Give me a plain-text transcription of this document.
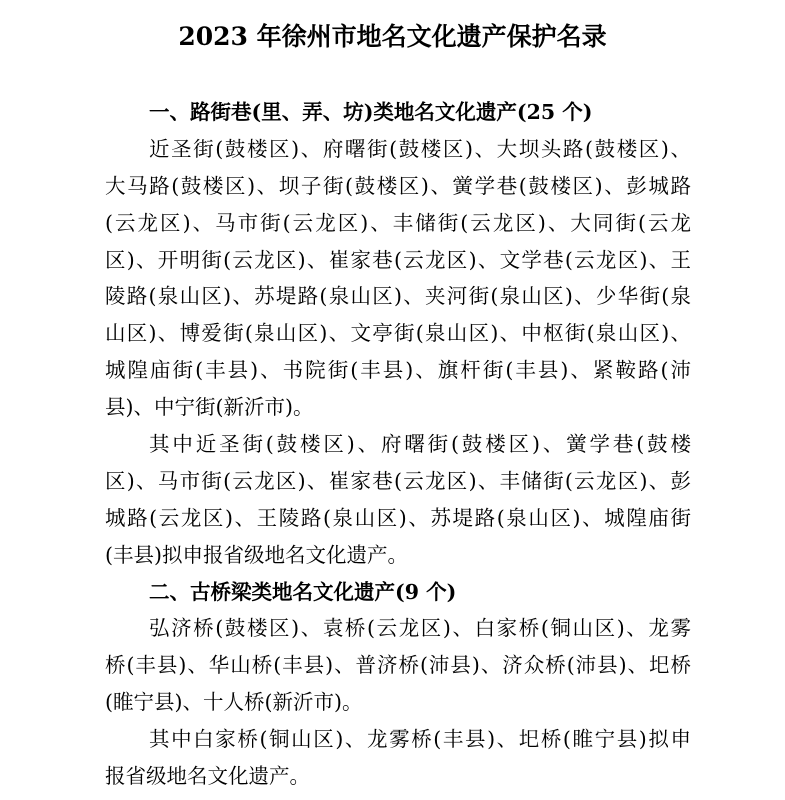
2023 年徐州市地名文化遗产保护名录
一、路街巷(里、弄、坊)类地名文化遗产(25 个)
近圣街(鼓楼区)、府曙街(鼓楼区)、大坝头路(鼓楼区)、
大马路(鼓楼区)、坝子街(鼓楼区)、黉学巷(鼓楼区)、彭城路
(云龙区)、马市街(云龙区)、丰储街(云龙区)、大同街(云龙
区)、开明街(云龙区)、崔家巷(云龙区)、文学巷(云龙区)、王
陵路(泉山区)、苏堤路(泉山区)、夹河街(泉山区)、少华街(泉
山区)、博爱街(泉山区)、文亭街(泉山区)、中枢街(泉山区)、
城隍庙街(丰县)、书院街(丰县)、旗杆街(丰县)、紧鞍路(沛
县)、中宁街(新沂市)。
其中近圣街(鼓楼区)、府曙街(鼓楼区)、黉学巷(鼓楼
区)、马市街(云龙区)、崔家巷(云龙区)、丰储街(云龙区)、彭
城路(云龙区)、王陵路(泉山区)、苏堤路(泉山区)、城隍庙街
(丰县)拟申报省级地名文化遗产。
二、古桥梁类地名文化遗产(9 个)
弘济桥(鼓楼区)、袁桥(云龙区)、白家桥(铜山区)、龙雾
桥(丰县)、华山桥(丰县)、普济桥(沛县)、济众桥(沛县)、圯桥
(睢宁县)、十人桥(新沂市)。
其中白家桥(铜山区)、龙雾桥(丰县)、圯桥(睢宁县)拟申
报省级地名文化遗产。
